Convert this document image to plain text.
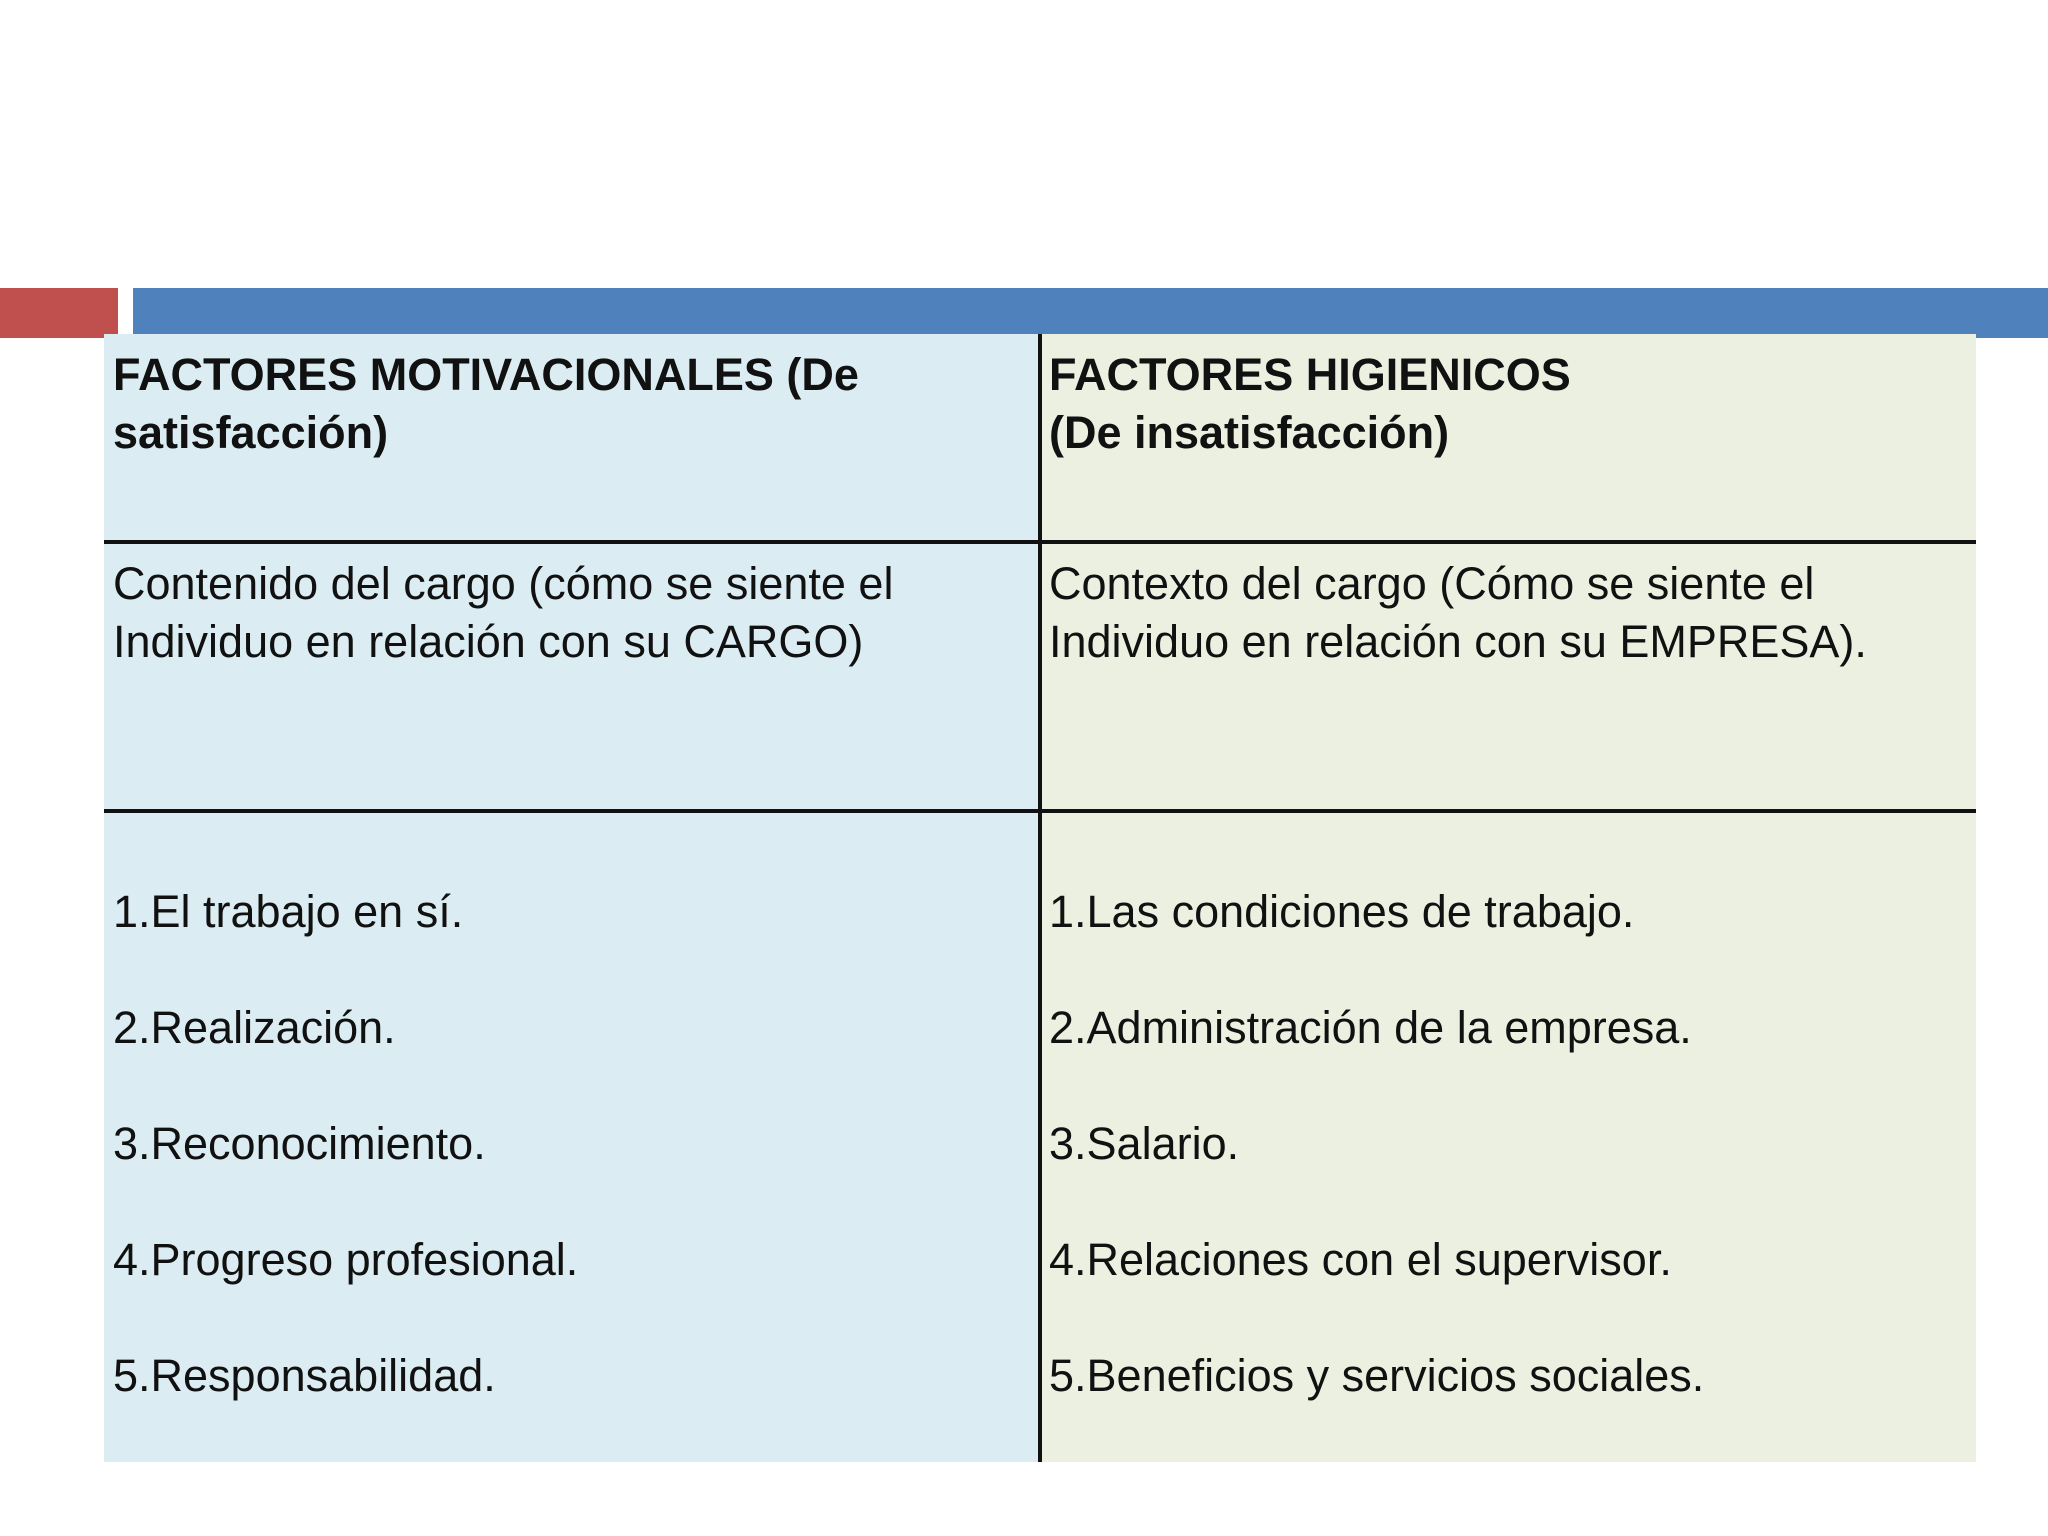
FACTORES MOTIVACIONALES (De satisfacción)
FACTORES HIGIENICOS
(De insatisfacción)
Contenido del cargo (cómo se siente el Individuo en relación con su CARGO)
Contexto del cargo (Cómo se siente el Individuo en relación con su EMPRESA).

1.El trabajo en sí.

2.Realización.

3.Reconocimiento.

4.Progreso profesional.

5.Responsabilidad.

1.Las condiciones de trabajo.

2.Administración de la empresa.

3.Salario.

4.Relaciones con el supervisor.

5.Beneficios y servicios sociales.
